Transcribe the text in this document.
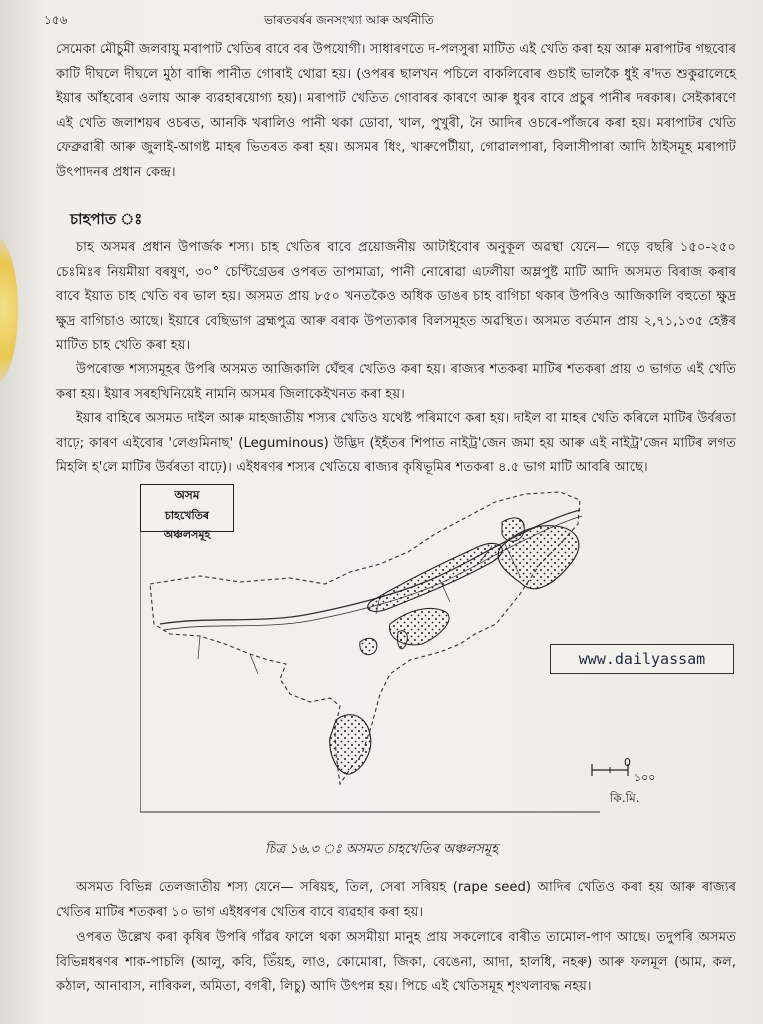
১৫৬	ভাৰতবৰ্ষৰ জনসংখ্যা আৰু অৰ্থনীতি

সেমেকা মৌচুমী জলবায়ু মৰাপাট খেতিৰ বাবে বৰ উপযোগী। সাধাৰণতে দ-পলসুৰা মাটিত এই খেতি কৰা হয় আৰু মৰাপাটৰ গছবোৰ কাটি দীঘলে দীঘলে মুঠা বান্ধি পানীত গোৰাই থোৱা হয়। (ওপৰৰ ছালখন পচিলে বাকলিবোৰ গুচাই ভালকৈ ধুই ৰ'দত শুকুৱালেহে ইয়াৰ আঁহবোৰ ওলায় আৰু ব্যৱহাৰযোগ্য হয়)। মৰাপাট খেতিত গোবাৰৰ কাৰণে আৰু ধুবৰ বাবে প্ৰচুৰ পানীৰ দৰকাৰ। সেইকাৰণে এই খেতি জলাশয়ৰ ওচৰত, আনকি খৰালিও পানী থকা ডোবা, খাল, পুখুৰী, নৈ আদিৰ ওচৰে-পাঁজৰে কৰা হয়। মৰাপাটৰ খেতি ফেব্ৰুৱাৰী আৰু জুলাই-আগষ্ট মাহৰ ভিতৰত কৰা হয়। অসমৰ ধিং, খাৰুপেটীয়া, গোৱালপাৰা, বিলাসীপাৰা আদি ঠাইসমূহ মৰাপাট উৎপাদনৰ প্ৰধান কেন্দ্ৰ।

চাহপাত ঃ

চাহ অসমৰ প্ৰধান উপাৰ্জক শস্য। চাহ খেতিৰ বাবে প্ৰয়োজনীয় আটাইবোৰ অনুকূল অৱস্থা যেনে— গড়ে বছৰি ১৫০-২৫০ চেঃমিঃৰ নিয়মীয়া বৰষুণ, ৩০° চেণ্টিগ্ৰেডৰ ওপৰত তাপমাত্ৰা, পানী নোৰোৱা এঢলীয়া অম্লপুষ্ট মাটি আদি অসমত বিৰাজ কৰাৰ বাবে ইয়াত চাহ খেতি বৰ ভাল হয়। অসমত প্ৰায় ৮৫০ খনতকৈও অধিক ডাঙৰ চাহ বাগিচা থকাৰ উপৰিও আজিকালি বহুতো ক্ষুদ্ৰ ক্ষুদ্ৰ বাগিচাও আছে। ইয়াৰে বেছিভাগ ব্ৰহ্মপুত্ৰ আৰু বৰাক উপত্যকাৰ বিলসমূহত অৱস্থিত। অসমত বৰ্তমান প্ৰায় ২,৭১,১৩৫ হেক্টৰ মাটিত চাহ খেতি কৰা হয়।

উপৰোক্ত শস্যসমূহৰ উপৰি অসমত আজিকালি ঘেঁহুৰ খেতিও কৰা হয়। ৰাজ্যৰ শতকৰা মাটিৰ শতকৰা প্ৰায় ৩ ভাগত এই খেতি কৰা হয়। ইয়াৰ সৰহখিনিয়েই নামনি অসমৰ জিলাকেইখনত কৰা হয়।

ইয়াৰ বাহিৰে অসমত দাইল আৰু মাহজাতীয় শস্যৰ খেতিও যথেষ্ট পৰিমাণে কৰা হয়। দাইল বা মাহৰ খেতি কৰিলে মাটিৰ উৰ্বৰতা বাঢ়ে; কাৰণ এইবোৰ 'লেগুমিনাছ' (Leguminous) উদ্ভিদ (ইহঁতৰ শিপাত নাইট্ৰ'জেন জমা হয় আৰু এই নাইট্ৰ'জেন মাটিৰ লগত মিহলি হ'লে মাটিৰ উৰ্বৰতা বাঢ়ে)। এইধৰণৰ শস্যৰ খেতিয়ে ৰাজ্যৰ কৃষিভূমিৰ শতকৰা ৪.৫ ভাগ মাটি আবৰি আছে।

অসম
চাহখেতিৰ অঞ্চলসমূহ
www.dailyassam
0 ১০০
কি.মি.
চিত্ৰ ১৬.৩ ঃ অসমত চাহখেতিৰ অঞ্চলসমূহ

অসমত বিভিন্ন তেলজাতীয় শস্য যেনে— সৰিয়হ, তিল, সেৰা সৰিয়হ (rape seed) আদিৰ খেতিও কৰা হয় আৰু ৰাজ্যৰ খেতিৰ মাটিৰ শতকৰা ১০ ভাগ এইধৰণৰ খেতিৰ বাবে ব্যৱহাৰ কৰা হয়।

ওপৰত উল্লেখ কৰা কৃষিৰ উপৰি গাঁৱৰ ফালে থকা অসমীয়া মানুহ প্ৰায় সকলোৰে বাৰীত তামোল-পাণ আছে। তদুপৰি অসমত বিভিন্নধৰণৰ শাক-পাচলি (আলু, কবি, তিঁয়হ, লাও, কোমোৰা, জিকা, বেঙেনা, আদা, হালধি, নহৰু) আৰু ফলমূল (আম, কল, কঠাল, আনাবাস, নাৰিকল, অমিতা, বগৰী, লিচু) আদি উৎপন্ন হয়। পিচে এই খেতিসমূহ শৃংখলাবদ্ধ নহয়।
